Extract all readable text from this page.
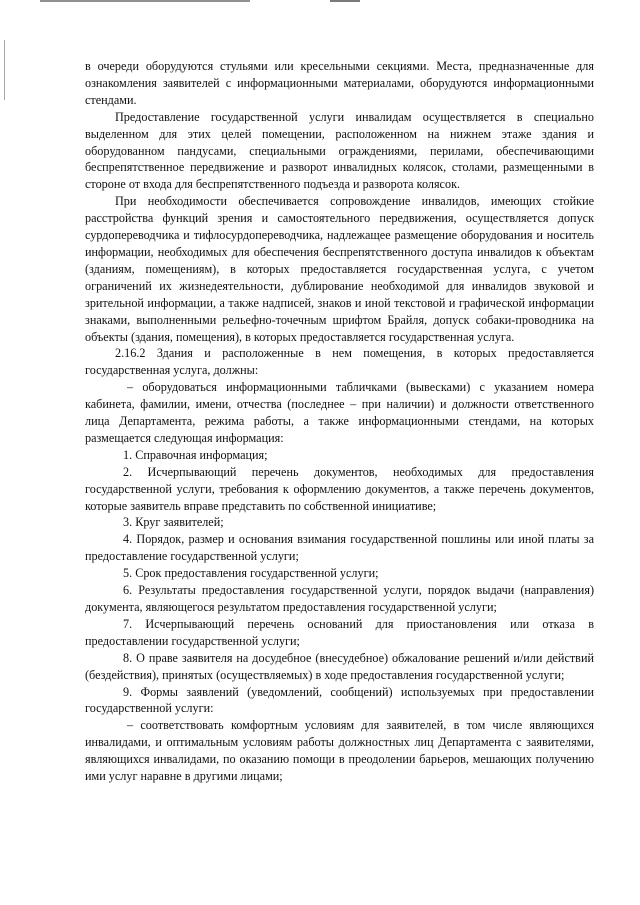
в очереди оборудуются стульями или кресельными секциями. Места, предназначенные для ознакомления заявителей с информационными материалами, оборудуются информационными стендами.

Предоставление государственной услуги инвалидам осуществляется в специально выделенном для этих целей помещении, расположенном на нижнем этаже здания и оборудованном пандусами, специальными ограждениями, перилами, обеспечивающими беспрепятственное передвижение и разворот инвалидных колясок, столами, размещенными в стороне от входа для беспрепятственного подъезда и разворота колясок.

При необходимости обеспечивается сопровождение инвалидов, имеющих стойкие расстройства функций зрения и самостоятельного передвижения, осуществляется допуск сурдопереводчика и тифлосурдопереводчика, надлежащее размещение оборудования и носитель информации, необходимых для обеспечения беспрепятственного доступа инвалидов к объектам (зданиям, помещениям), в которых предоставляется государственная услуга, с учетом ограничений их жизнедеятельности, дублирование необходимой для инвалидов звуковой и зрительной информации, а также надписей, знаков и иной текстовой и графической информации знаками, выполненными рельефно-точечным шрифтом Брайля, допуск собаки-проводника на объекты (здания, помещения), в которых предоставляется государственная услуга.

2.16.2 Здания и расположенные в нем помещения, в которых предоставляется государственная услуга, должны:

– оборудоваться информационными табличками (вывесками) с указанием номера кабинета, фамилии, имени, отчества (последнее – при наличии) и должности ответственного лица Департамента, режима работы, а также информационными стендами, на которых размещается следующая информация:

1. Справочная информация;

2. Исчерпывающий перечень документов, необходимых для предоставления государственной услуги, требования к оформлению документов, а также перечень документов, которые заявитель вправе представить по собственной инициативе;

3. Круг заявителей;

4. Порядок, размер и основания взимания государственной пошлины или иной платы за предоставление государственной услуги;

5. Срок предоставления государственной услуги;

6. Результаты предоставления государственной услуги, порядок выдачи (направления) документа, являющегося результатом предоставления государственной услуги;

7. Исчерпывающий перечень оснований для приостановления или отказа в предоставлении государственной услуги;

8. О праве заявителя на досудебное (внесудебное) обжалование решений и/или действий (бездействия), принятых (осуществляемых) в ходе предоставления государственной услуги;

9. Формы заявлений (уведомлений, сообщений) используемых при предоставлении государственной услуги:

– соответствовать комфортным условиям для заявителей, в том числе являющихся инвалидами, и оптимальным условиям работы должностных лиц Департамента с заявителями, являющихся инвалидами, по оказанию помощи в преодолении барьеров, мешающих получению ими услуг наравне в другими лицами;
